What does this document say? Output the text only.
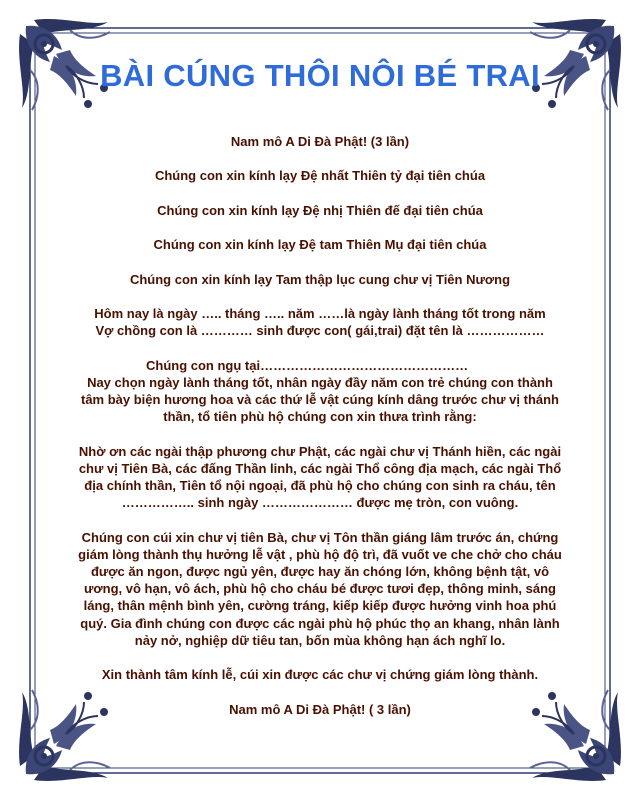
BÀI CÚNG THÔI NÔI BÉ TRAI

Nam mô A Di Đà Phật! (3 lần)

Chúng con xin kính lạy Đệ nhất Thiên tỷ đại tiên chúa

Chúng con xin kính lạy Đệ nhị Thiên đế đại tiên chúa

Chúng con xin kính lạy Đệ tam Thiên Mụ đại tiên chúa

Chúng con xin kính lạy Tam thập lục cung chư vị Tiên Nương

Hôm nay là ngày ….. tháng ….. năm ……là ngày lành tháng tốt trong năm

Vợ chồng con là ………… sinh được con( gái,trai) đặt tên là ………………

Chúng con ngụ tại…………………………………………

Nay chọn ngày lành tháng tốt, nhân ngày đầy năm con trẻ chúng con thành tâm bày biện hương hoa và các thứ lễ vật cúng kính dâng trước chư vị thánh thần, tổ tiên phù hộ chúng con xin thưa trình rằng:

Nhờ ơn các ngài thập phương chư Phật, các ngài chư vị Thánh hiền, các ngài chư vị Tiên Bà, các đấng Thần linh, các ngài Thổ công địa mạch, các ngài Thổ địa chính thần, Tiên tổ nội ngoại, đã phù hộ cho chúng con sinh ra cháu, tên …………….. sinh ngày ………………… được mẹ tròn, con vuông.

Chúng con cúi xin chư vị tiên Bà, chư vị Tôn thần giáng lâm trước án, chứng giám lòng thành thụ hưởng lễ vật , phù hộ độ trì, đã vuốt ve che chở cho cháu được ăn ngon, được ngủ yên, được hay ăn chóng lớn, không bệnh tật, vô ương, vô hạn, vô ách, phù hộ cho cháu bé được tươi đẹp, thông minh, sáng láng, thân mệnh bình yên, cường tráng, kiếp kiếp được hưởng vinh hoa phú quý. Gia đình chúng con được các ngài phù hộ phúc thọ an khang, nhân lành nảy nở, nghiệp dữ tiêu tan, bốn mùa không hạn ách nghĩ lo.

Xin thành tâm kính lễ, cúi xin được các chư vị chứng giám lòng thành.

Nam mô A Di Đà Phật! ( 3 lần)
